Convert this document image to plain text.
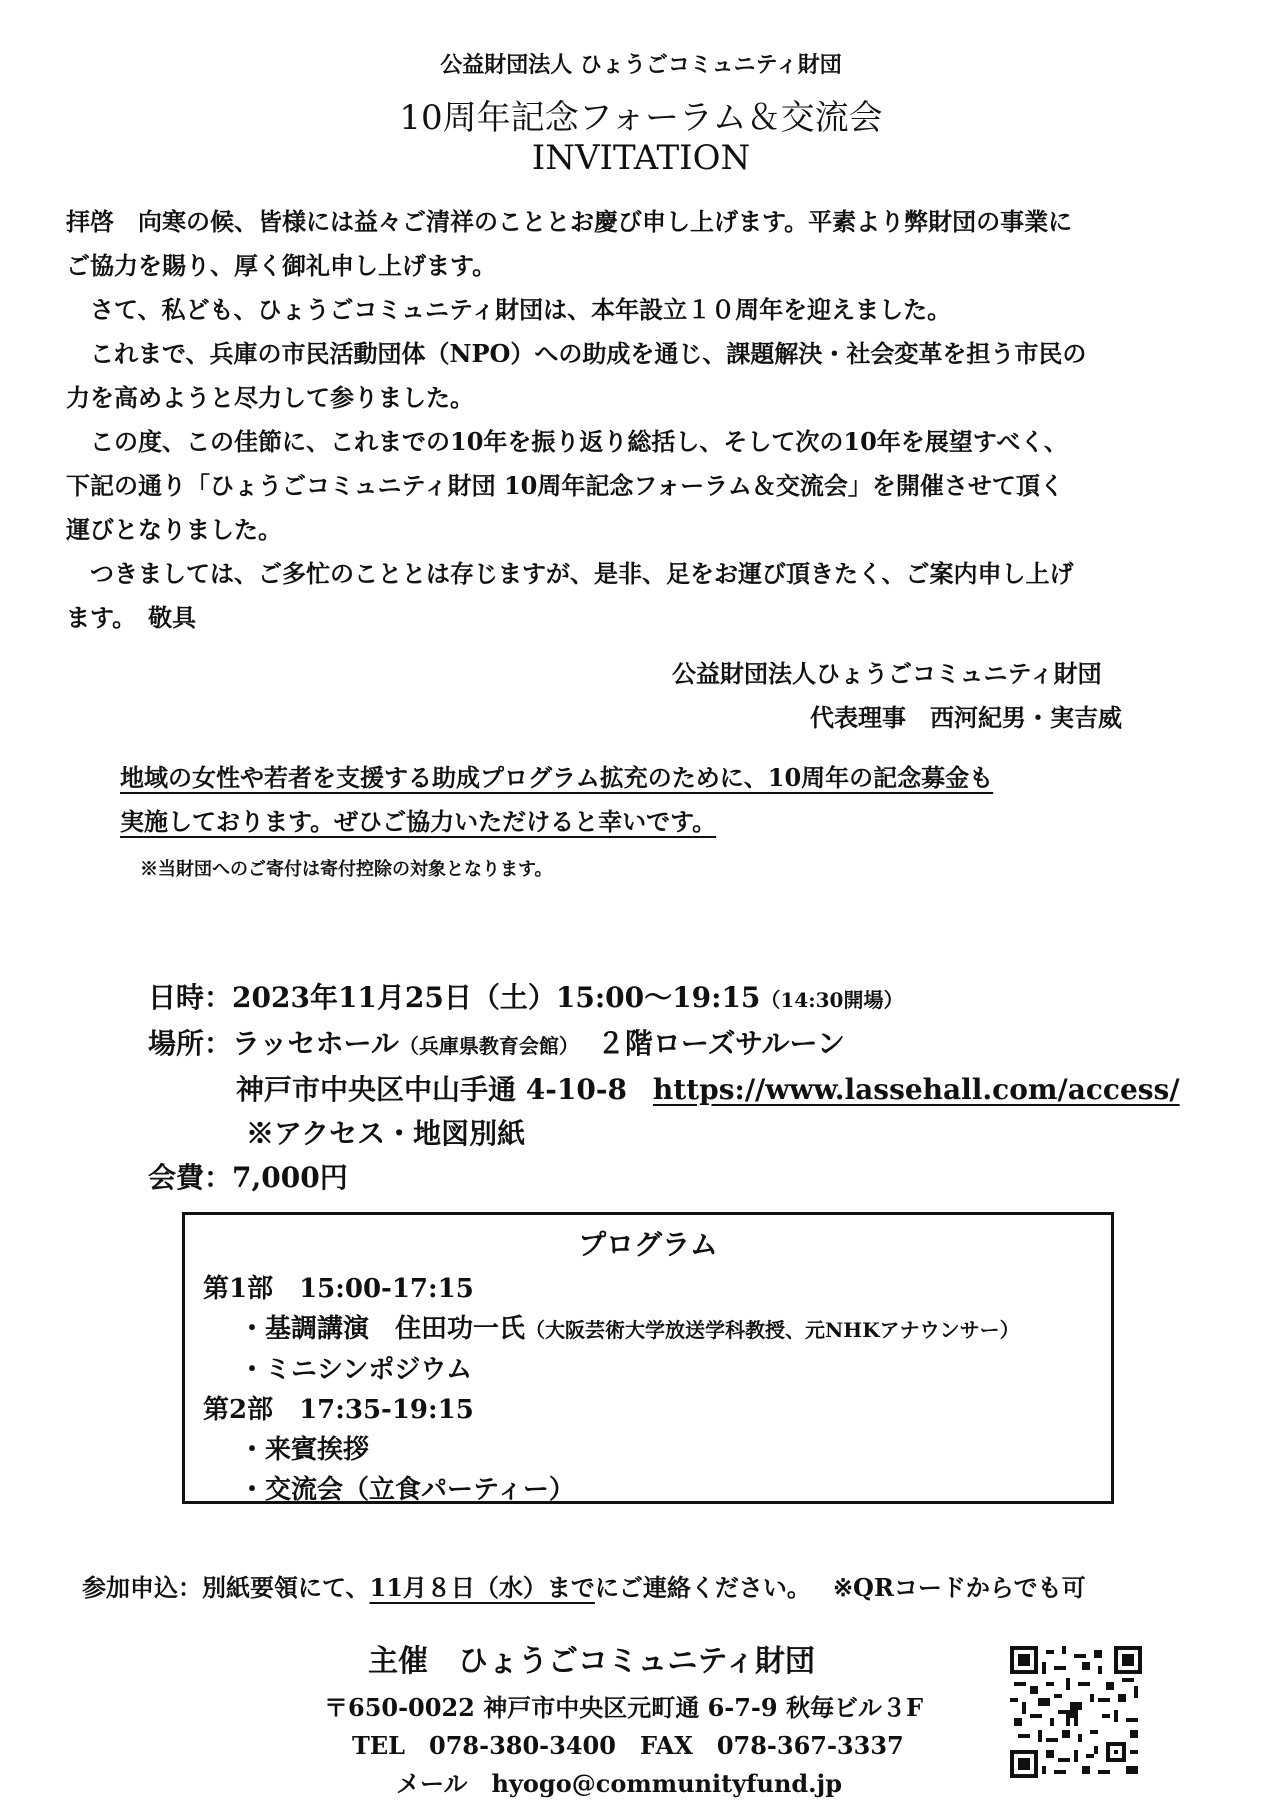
公益財団法人 ひょうごコミュニティ財団
10周年記念フォーラム＆交流会
INVITATION

拝啓　向寒の候、皆様には益々ご清祥のこととお慶び申し上げます。平素より弊財団の事業に

ご協力を賜り、厚く御礼申し上げます。

さて、私ども、ひょうごコミュニティ財団は、本年設立１０周年を迎えました。

これまで、兵庫の市民活動団体（NPO）への助成を通じ、課題解決・社会変革を担う市民の

力を高めようと尽力して参りました。

この度、この佳節に、これまでの10年を振り返り総括し、そして次の10年を展望すべく、

下記の通り「ひょうごコミュニティ財団 10周年記念フォーラム＆交流会」を開催させて頂く

運びとなりました。

つきましては、ご多忙のこととは存じますが、是非、足をお運び頂きたく、ご案内申し上げ

ます。　敬具

公益財団法人ひょうごコミュニティ財団
代表理事　西河紀男・実吉威
地域の女性や若者を支援する助成プログラム拡充のために、10周年の記念募金も
実施しております。ぜひご協力いただけると幸いです。
※当財団へのご寄付は寄付控除の対象となります。
日時：2023年11月25日（土）15:00〜19:15（14:30開場）
場所：ラッセホール（兵庫県教育会館） ２階ローズサルーン
神戸市中央区中山手通 4-10-8 https://www.lassehall.com/access/
※アクセス・地図別紙
会費：7,000円
プログラム
第1部　15:00-17:15
・基調講演　住田功一氏（大阪芸術大学放送学科教授、元NHKアナウンサー）
・ミニシンポジウム
第2部　17:35-19:15
・来賓挨拶
・交流会（立食パーティー）
参加申込：別紙要領にて、11月８日（水）までにご連絡ください。 ※QRコードからでも可
主催　ひょうごコミュニティ財団
〒650-0022 神戸市中央区元町通 6-7-9 秋毎ビル３F
TEL　078-380-3400　FAX　078-367-3337
メール　hyogo@communityfund.jp
